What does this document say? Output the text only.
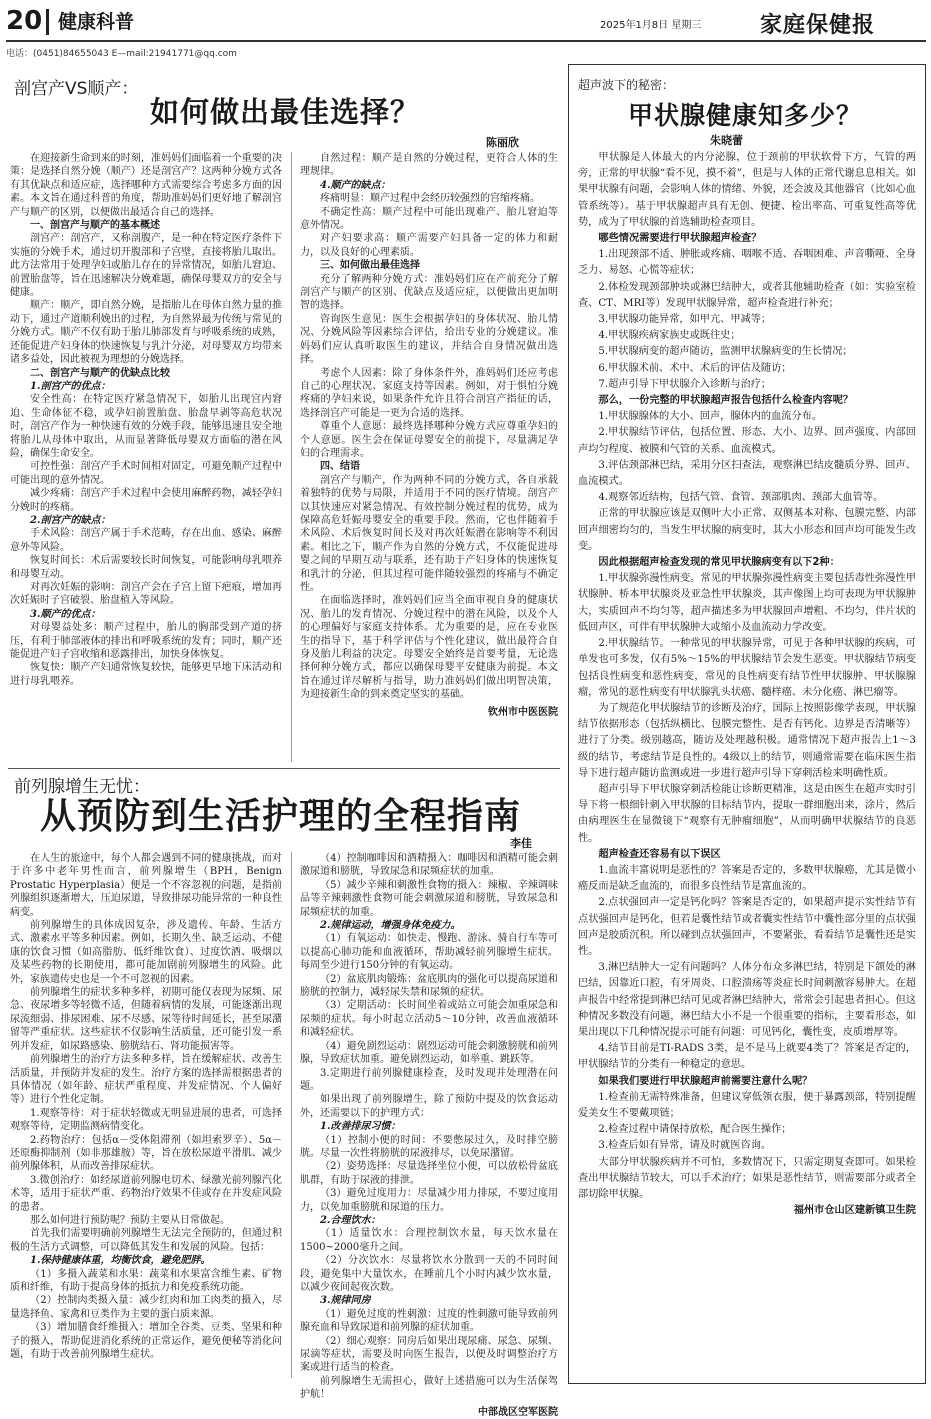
20 健康科普	2025年1月8日 星期三	家庭保健报
电话：(0451)84655043 E—mail:21941771@qq.com
剖宫产VS顺产：
如何做出最佳选择？
陈丽欣

在迎接新生命到来的时刻，准妈妈们面临着一个重要的决策：是选择自然分娩（顺产）还是剖宫产？这两种分娩方式各有其优缺点和适应症，选择哪种方式需要综合考虑多方面的因素。本文旨在通过科普的角度，帮助准妈妈们更好地了解剖宫产与顺产的区别，以便做出最适合自己的选择。

一、剖宫产与顺产的基本概述

剖宫产：剖宫产，又称剖腹产，是一种在特定医疗条件下实施的分娩手术，通过切开腹部和子宫壁，直接将胎儿取出。此方法常用于处理孕妇或胎儿存在的异常情况，如胎儿窘迫、前置胎盘等，旨在迅速解决分娩难题，确保母婴双方的安全与健康。

顺产：顺产，即自然分娩，是指胎儿在母体自然力量的推动下，通过产道顺利娩出的过程，为自然界最为传统与常见的分娩方式。顺产不仅有助于胎儿肺部发育与呼吸系统的成熟，还能促进产妇身体的快速恢复与乳汁分泌，对母婴双方均带来诸多益处，因此被视为理想的分娩选择。

二、剖宫产与顺产的优缺点比较

1.剖宫产的优点：

安全性高：在特定医疗紧急情况下，如胎儿出现宫内窘迫、生命体征不稳，或孕妇前置胎盘、胎盘早剥等高危状况时，剖宫产作为一种快速有效的分娩手段，能够迅速且安全地将胎儿从母体中取出，从而显著降低母婴双方面临的潜在风险，确保生命安全。

可控性强：剖宫产手术时间相对固定，可避免顺产过程中可能出现的意外情况。

减少疼痛：剖宫产手术过程中会使用麻醉药物，减轻孕妇分娩时的疼痛。

2.剖宫产的缺点：

手术风险：剖宫产属于手术范畴，存在出血、感染、麻醉意外等风险。

恢复时间长：术后需要较长时间恢复，可能影响母乳喂养和母婴互动。

对再次妊娠的影响：剖宫产会在子宫上留下疤痕，增加再次妊娠时子宫破裂、胎盘植入等风险。

3.顺产的优点：

对母婴益处多：顺产过程中，胎儿的胸部受到产道的挤压，有利于肺部液体的排出和呼吸系统的发育；同时，顺产还能促进产妇子宫收缩和恶露排出，加快身体恢复。

恢复快：顺产产妇通常恢复较快，能够更早地下床活动和进行母乳喂养。

自然过程：顺产是自然的分娩过程，更符合人体的生理规律。

4.顺产的缺点：

疼痛明显：顺产过程中会经历较强烈的宫缩疼痛。

不确定性高：顺产过程中可能出现难产、胎儿窘迫等意外情况。

对产妇要求高：顺产需要产妇具备一定的体力和耐力，以及良好的心理素质。

三、如何做出最佳选择

充分了解两种分娩方式：准妈妈们应在产前充分了解剖宫产与顺产的区别、优缺点及适应症，以便做出更加明智的选择。

咨询医生意见：医生会根据孕妇的身体状况、胎儿情况、分娩风险等因素综合评估，给出专业的分娩建议。准妈妈们应认真听取医生的建议，并结合自身情况做出选择。

考虑个人因素：除了身体条件外，准妈妈们还应考虑自己的心理状况、家庭支持等因素。例如，对于惧怕分娩疼痛的孕妇来说，如果条件允许且符合剖宫产指征的话，选择剖宫产可能是一更为合适的选择。

尊重个人意愿：最终选择哪种分娩方式应尊重孕妇的个人意愿。医生会在保证母婴安全的前提下，尽量满足孕妇的合理需求。

四、结语

剖宫产与顺产，作为两种不同的分娩方式，各自承载着独特的优势与局限，并适用于不同的医疗情境。剖宫产以其快速应对紧急情况、有效控制分娩过程的优势，成为保障高危妊娠母婴安全的重要手段。然而，它也伴随着手术风险、术后恢复时间长及对再次妊娠潜在影响等不利因素。相比之下，顺产作为自然的分娩方式，不仅能促进母婴之间的早期互动与联系，还有助于产妇身体的快速恢复和乳汁的分泌，但其过程可能伴随较强烈的疼痛与不确定性。

在面临选择时，准妈妈们应当全面审视自身的健康状况、胎儿的发育情况、分娩过程中的潜在风险，以及个人的心理偏好与家庭支持体系。尤为重要的是，应在专业医生的指导下，基于科学评估与个性化建议，做出最符合自身及胎儿利益的决定。母婴安全始终是首要考量，无论选择何种分娩方式，都应以确保母婴平安健康为前提。本文旨在通过详尽解析与指导，助力准妈妈们做出明智决策，为迎接新生命的到来奠定坚实的基础。

钦州市中医医院

前列腺增生无忧：
从预防到生活护理的全程指南
李佳

在人生的旅途中，每个人都会遇到不同的健康挑战，而对于许多中老年男性而言，前列腺增生（BPH，Benign Prostatic Hyperplasia）便是一个不容忽视的问题，是指前列腺组织逐渐增大，压迫尿道，导致排尿功能异常的一种良性病变。

前列腺增生的具体成因复杂，涉及遗传、年龄、生活方式、激素水平等多种因素。例如，长期久坐、缺乏运动、不健康的饮食习惯（如高脂肪、低纤维饮食）、过度饮酒、吸烟以及某些药物的长期使用，都可能加剧前列腺增生的风险。此外，家族遗传史也是一个不可忽视的因素。

前列腺增生的症状多种多样，初期可能仅表现为尿频、尿急、夜尿增多等轻微不适，但随着病情的发展，可能逐渐出现尿流细弱、排尿困难、尿不尽感、尿等待时间延长，甚至尿潴留等严重症状。这些症状不仅影响生活质量，还可能引发一系列并发症，如尿路感染、膀胱结石、肾功能损害等。

前列腺增生的治疗方法多种多样，旨在缓解症状、改善生活质量，并预防并发症的发生。治疗方案的选择需根据患者的具体情况（如年龄、症状严重程度、并发症情况、个人偏好等）进行个性化定制。

1.观察等待：对于症状轻微或无明显进展的患者，可选择观察等待，定期监测病情变化。

2.药物治疗：包括α－受体阻滞剂（如坦索罗辛）、5α－还原酶抑制剂（如非那雄胺）等，旨在放松尿道平滑肌、减少前列腺体积，从而改善排尿症状。

3.微创治疗：如经尿道前列腺电切术、绿激光前列腺汽化术等，适用于症状严重、药物治疗效果不佳或存在并发症风险的患者。

那么如何进行预防呢？预防主要从日常做起。

首先我们需要明确前列腺增生无法完全预防的，但通过积极的生活方式调整，可以降低其发生和发展的风险。包括：

1.保持健康体重，均衡饮食，避免肥胖。

（1）多摄入蔬菜和水果：蔬菜和水果富含维生素、矿物质和纤维，有助于提高身体的抵抗力和免疫系统功能。

（2）控制肉类摄入量：减少红肉和加工肉类的摄入，尽量选择鱼、家禽和豆类作为主要的蛋白质来源。

（3）增加膳食纤维摄入：增加全谷类、豆类、坚果和种子的摄入，帮助促进消化系统的正常运作，避免便秘等消化问题，有助于改善前列腺增生症状。

（4）控制咖啡因和酒精摄入：咖啡因和酒精可能会刺激尿道和膀胱，导致尿急和尿频症状的加重。

（5）减少辛辣和刺激性食物的摄入：辣椒、辛辣调味品等辛辣刺激性食物可能会刺激尿道和膀胱，导致尿急和尿频症状的加重。

2.规律运动，增强身体免疫力。

（1）有氧运动：如快走、慢跑、游泳、骑自行车等可以提高心肺功能和血液循环，帮助减轻前列腺增生症状。每周至少进行150分钟的有氧运动。

（2）盆底肌肉锻炼：盆底肌肉的强化可以提高尿道和膀胱的控制力，减轻尿失禁和尿频的症状。

（3）定期活动：长时间坐着或站立可能会加重尿急和尿频的症状。每小时起立活动5～10分钟，改善血液循环和减轻症状。

（4）避免剧烈运动：剧烈运动可能会刺激膀胱和前列腺，导致症状加重。避免剧烈运动，如举重、跳跃等。

3.定期进行前列腺健康检查，及时发现并处理潜在问题。

如果出现了前列腺增生，除了预防中提及的饮食运动外，还需要以下的护理方式：

1.改善排尿习惯：

（1）控制小便的时间：不要憋尿过久，及时排空膀胱。尽量一次性将膀胱的尿液排尽，以免尿潴留。

（2）姿势选择：尽量选择坐位小便，可以放松骨盆底肌群，有助于尿液的排泄。

（3）避免过度用力：尽量减少用力排尿，不要过度用力，以免加重膀胱和尿道的压力。

2.合理饮水：

（1）适量饮水：合理控制饮水量，每天饮水量在1500~2000毫升之间。

（2）分次饮水：尽量将饮水分散到一天的不同时间段，避免集中大量饮水，在睡前几个小时内减少饮水量，以减少夜间起夜次数。

3.规律同房

（1）避免过度的性刺激：过度的性刺激可能导致前列腺充血和导致尿道和前列腺的症状加重。

（2）细心观察：同房后如果出现尿痛、尿急、尿频、尿滴等症状，需要及时向医生报告，以便及时调整治疗方案或进行适当的检查。

前列腺增生无需担心，做好上述措施可以为生活保驾护航！

中部战区空军医院

超声波下的秘密：
甲状腺健康知多少？
朱晓蕾

甲状腺是人体最大的内分泌腺，位于颈前的甲状软骨下方，气管的两旁，正常的甲状腺“看不见，摸不着”，但是与人体的正常代谢息息相关。如果甲状腺有问题，会影响人体的情绪、外貌，还会波及其他器官（比如心血管系统等）。基于甲状腺超声具有无创、便捷、检出率高、可重复性高等优势，成为了甲状腺的首选辅助检查项目。

哪些情况需要进行甲状腺超声检查？

1.出现颈部不适、肿胀或疼痛、咽喉不适、吞咽困难、声音嘶哑、全身乏力、易怒、心慌等症状；

2.体检发现颈部肿块或淋巴结肿大，或者其他辅助检查（如：实验室检查、CT、MRI等）发现甲状腺异常，超声检查进行补充；

3.甲状腺功能异常，如甲亢、甲减等；

4.甲状腺疾病家族史或既往史；

5.甲状腺病变的超声随访，监测甲状腺病变的生长情况；

6.甲状腺术前、术中、术后的评估及随访；

7.超声引导下甲状腺介入诊断与治疗；

那么，一份完整的甲状腺超声报告包括什么检查内容呢？

1.甲状腺腺体的大小、回声，腺体内的血流分布。

2.甲状腺结节评估，包括位置、形态、大小、边界、回声强度、内部回声均匀程度、被膜和气管的关系、血流模式。

3.评估颈部淋巴结，采用分区扫查法，观察淋巴结皮髓质分界、回声、血流模式。

4.观察邻近结构，包括气管、食管、颈部肌肉、颈部大血管等。

正常的甲状腺应该是双侧叶大小正常、双侧基本对称、包膜完整、内部回声细密均匀的，当发生甲状腺的病变时，其大小形态和回声均可能发生改变。

因此根据超声检查发现的常见甲状腺病变有以下2种：

1.甲状腺弥漫性病变。常见的甲状腺弥漫性病变主要包括毒性弥漫性甲状腺肿、桥本甲状腺炎及亚急性甲状腺炎，其声像图上均可表现为甲状腺肿大，实质回声不均匀等，超声描述多为甲状腺回声增粗、不均匀，伴片状的低回声区，可伴有甲状腺肿大或缩小及血流动力学改变。

2.甲状腺结节。一种常见的甲状腺异常，可见于各种甲状腺的疾病，可单发也可多发，仅有5%～15%的甲状腺结节会发生恶变。甲状腺结节病变包括良性病变和恶性病变，常见的良性病变有结节性甲状腺肿、甲状腺腺瘤，常见的恶性病变有甲状腺乳头状癌、髓样癌、未分化癌、淋巴瘤等。

为了规范化甲状腺结节的诊断及治疗，国际上按照影像学表现，甲状腺结节依据形态（包括纵横比、包膜完整性、是否有钙化、边界是否清晰等）进行了分类。级别越高，随访及处理越积极。通常情况下超声报告上1～3级的结节，考虑结节是良性的。4级以上的结节，则通常需要在临床医生指导下进行超声随访监测或进一步进行超声引导下穿刺活检来明确性质。

超声引导下甲状腺穿刺活检能让诊断更精准，这是由医生在超声实时引导下将一根细针刺入甲状腺的目标结节内，提取一群细胞出来，涂片，然后由病理医生在显微镜下“观察有无肿瘤细胞”，从而明确甲状腺结节的良恶性。

超声检查还容易有以下误区

1.血流丰富说明是恶性的？答案是否定的，多数甲状腺癌，尤其是微小癌反而是缺乏血流的，而很多良性结节是富血流的。

2.点状强回声一定是钙化吗？答案是否定的，如果超声提示实性结节有点状强回声是钙化，但若是囊性结节或者囊实性结节中囊性部分里的点状强回声是胶质沉积。所以碰到点状强回声，不要紧张，看看结节是囊性还是实性。

3.淋巴结肿大一定有问题吗？人体分布众多淋巴结，特别是下颌处的淋巴结，因靠近口腔，有牙周炎、口腔溃疡等炎症长时间刺激容易肿大。在超声报告中经常提到淋巴结可见或者淋巴结肿大，常常会引起患者担心。但这种情况多数没有问题，淋巴结大小不是一个很重要的指标，主要看形态，如果出现以下几种情况提示可能有问题：可见钙化，囊性变，皮质增厚等。

4.结节目前是TI-RADS 3类，是不是马上就要4类了？答案是否定的，甲状腺结节的分类有一种稳定的意思。

如果我们要进行甲状腺超声前需要注意什么呢？

1.检查前无需特殊准备，但建议穿低领衣服，便于暴露颈部，特别提醒爱美女生不要戴项链；

2.检查过程中请保持放松，配合医生操作；

3.检查后如有异常，请及时就医咨询。

大部分甲状腺疾病并不可怕，多数情况下，只需定期复查即可。如果检查出甲状腺结节较大，可以手术治疗；如果是恶性结节，则需要部分或者全部切除甲状腺。

福州市仓山区建新镇卫生院
